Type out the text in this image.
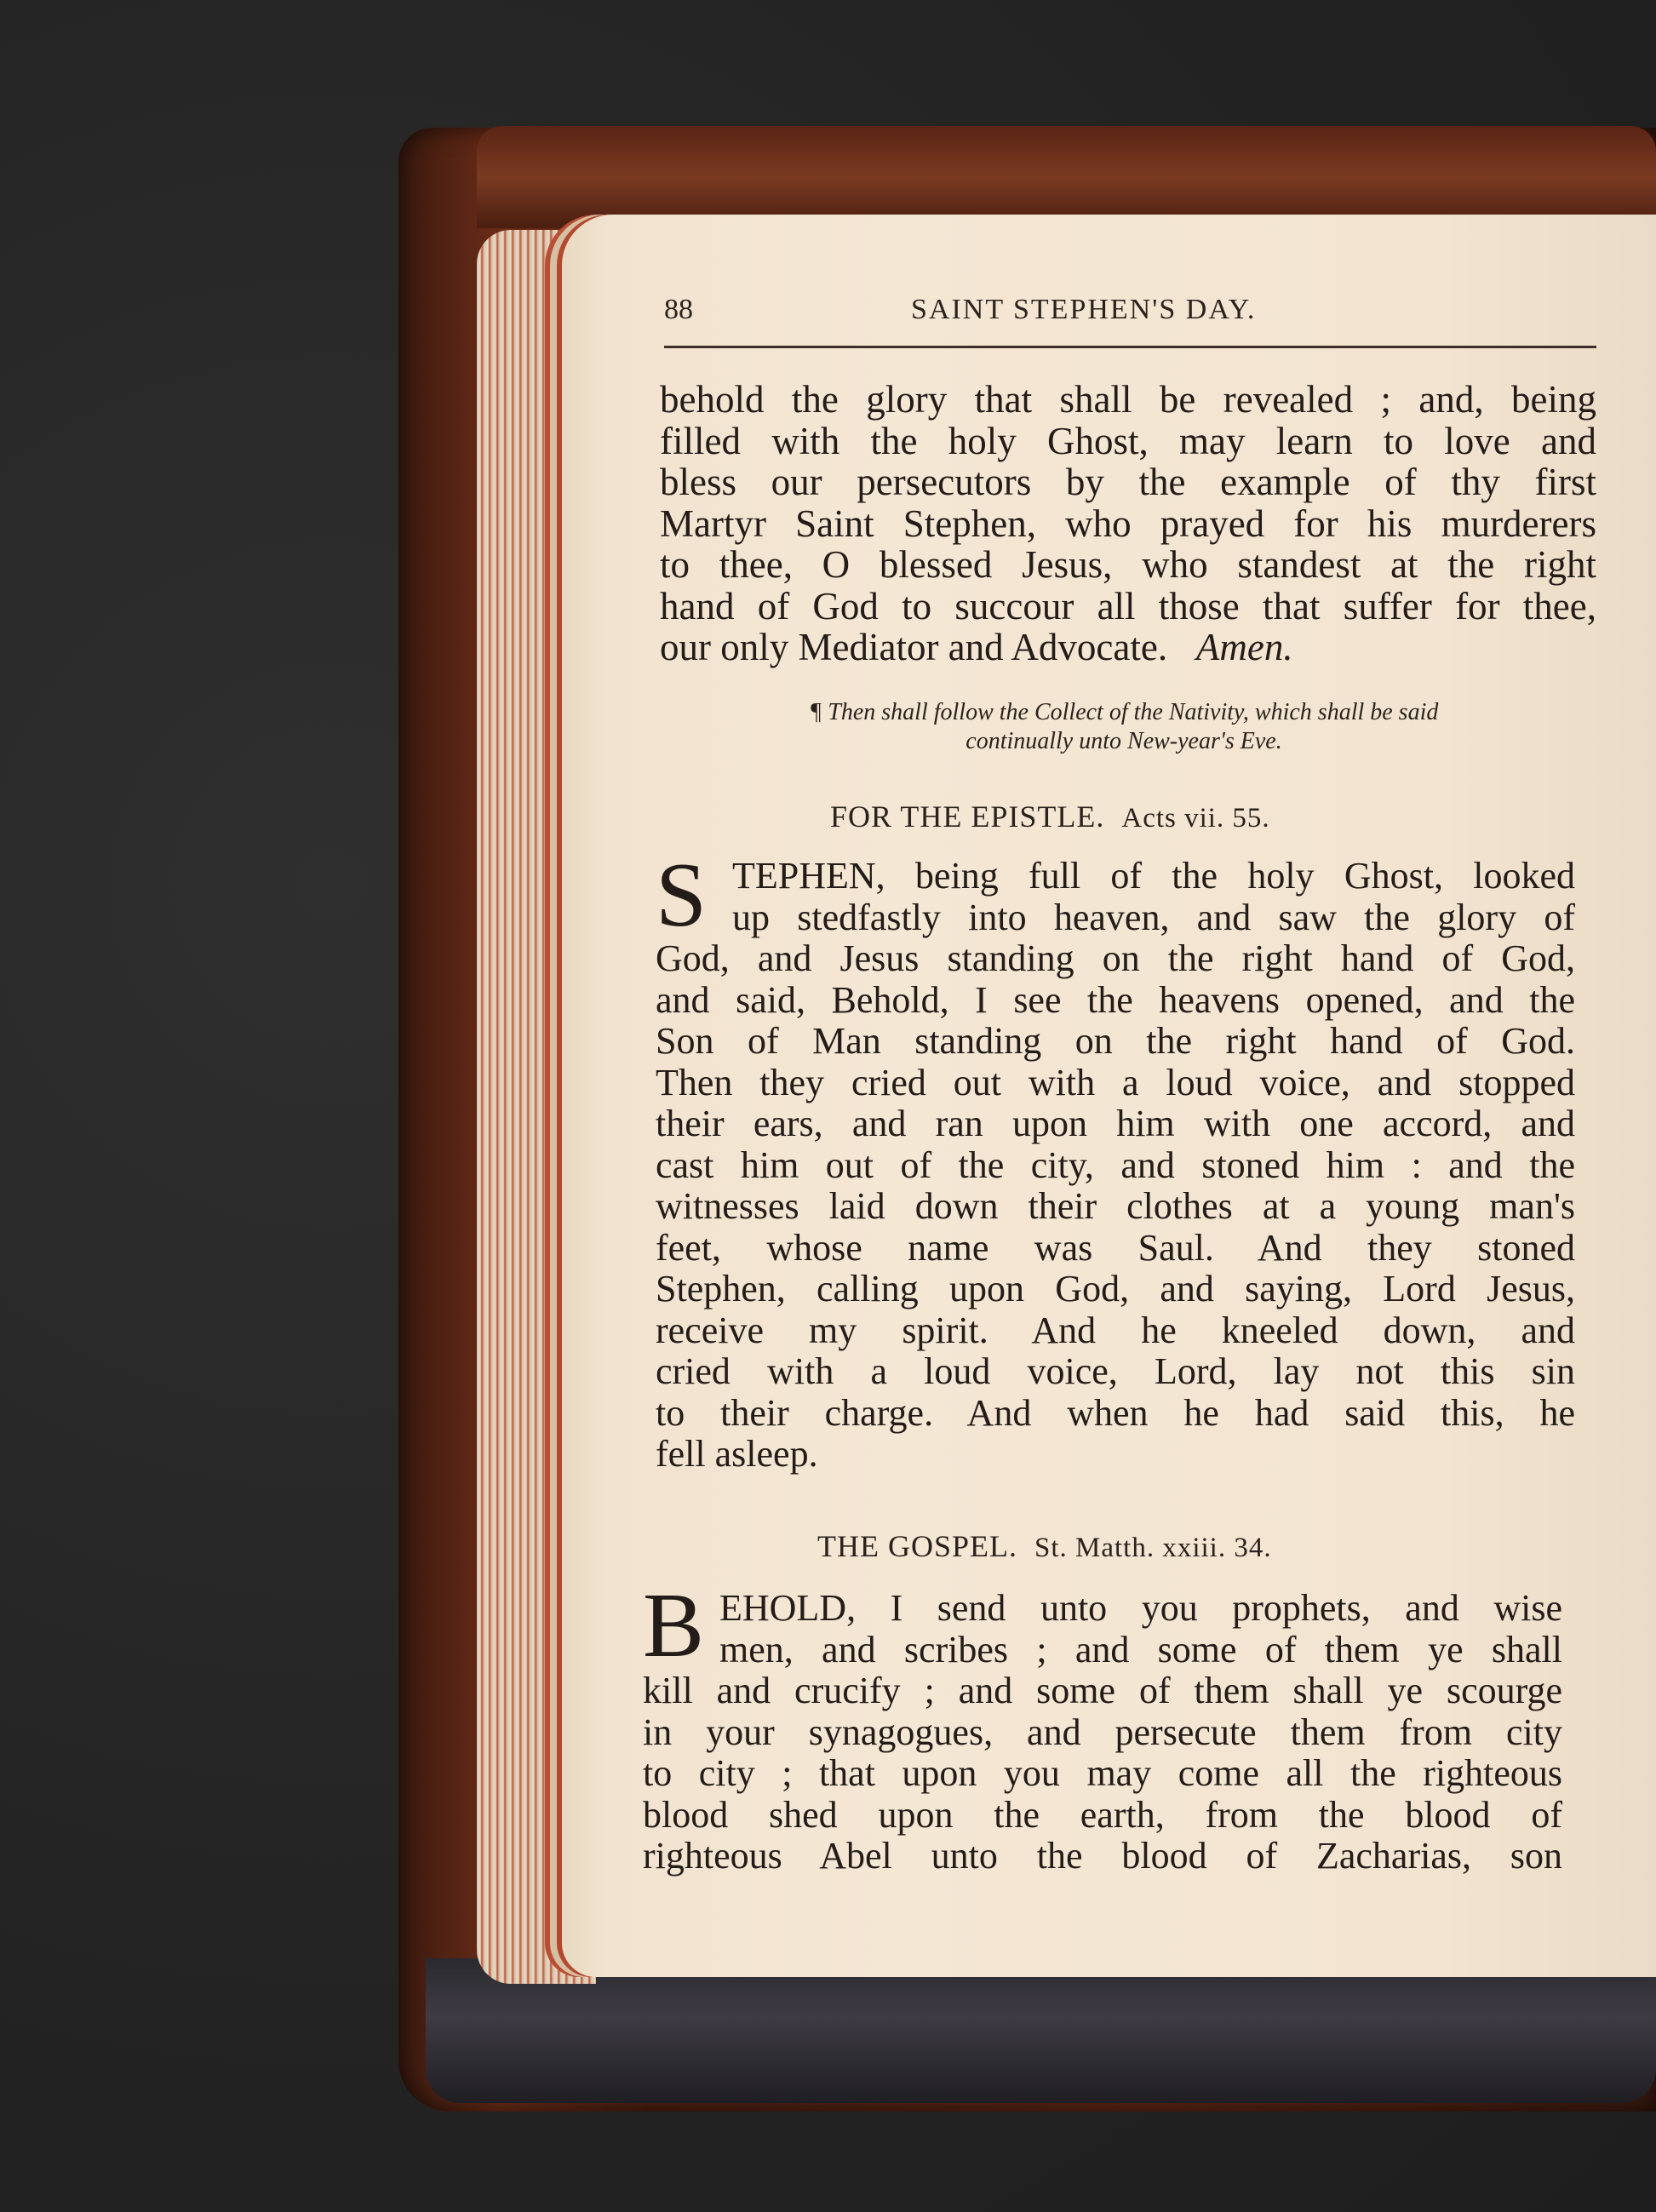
88	SAINT STEPHEN'S DAY.
behold the glory that shall be revealed ; and, being
filled with the holy Ghost, may learn to love and
bless our persecutors by the example of thy first
Martyr Saint Stephen, who prayed for his murderers
to thee, O blessed Jesus, who standest at the right
hand of God to succour all those that suffer for thee,
our only Mediator and Advocate. Amen.
¶ Then shall follow the Collect of the Nativity, which shall be said
continually unto New-year's Eve.
FOR THE EPISTLE. Acts vii. 55.
S TEPHEN, being full of the holy Ghost, looked
up stedfastly into heaven, and saw the glory of
God, and Jesus standing on the right hand of God,
and said, Behold, I see the heavens opened, and the
Son of Man standing on the right hand of God.
Then they cried out with a loud voice, and stopped
their ears, and ran upon him with one accord, and
cast him out of the city, and stoned him : and the
witnesses laid down their clothes at a young man's
feet, whose name was Saul. And they stoned
Stephen, calling upon God, and saying, Lord Jesus,
receive my spirit. And he kneeled down, and
cried with a loud voice, Lord, lay not this sin
to their charge. And when he had said this, he
fell asleep.
THE GOSPEL. St. Matth. xxiii. 34.
B EHOLD, I send unto you prophets, and wise
men, and scribes ; and some of them ye shall
kill and crucify ; and some of them shall ye scourge
in your synagogues, and persecute them from city
to city ; that upon you may come all the righteous
blood shed upon the earth, from the blood of
righteous Abel unto the blood of Zacharias, son
